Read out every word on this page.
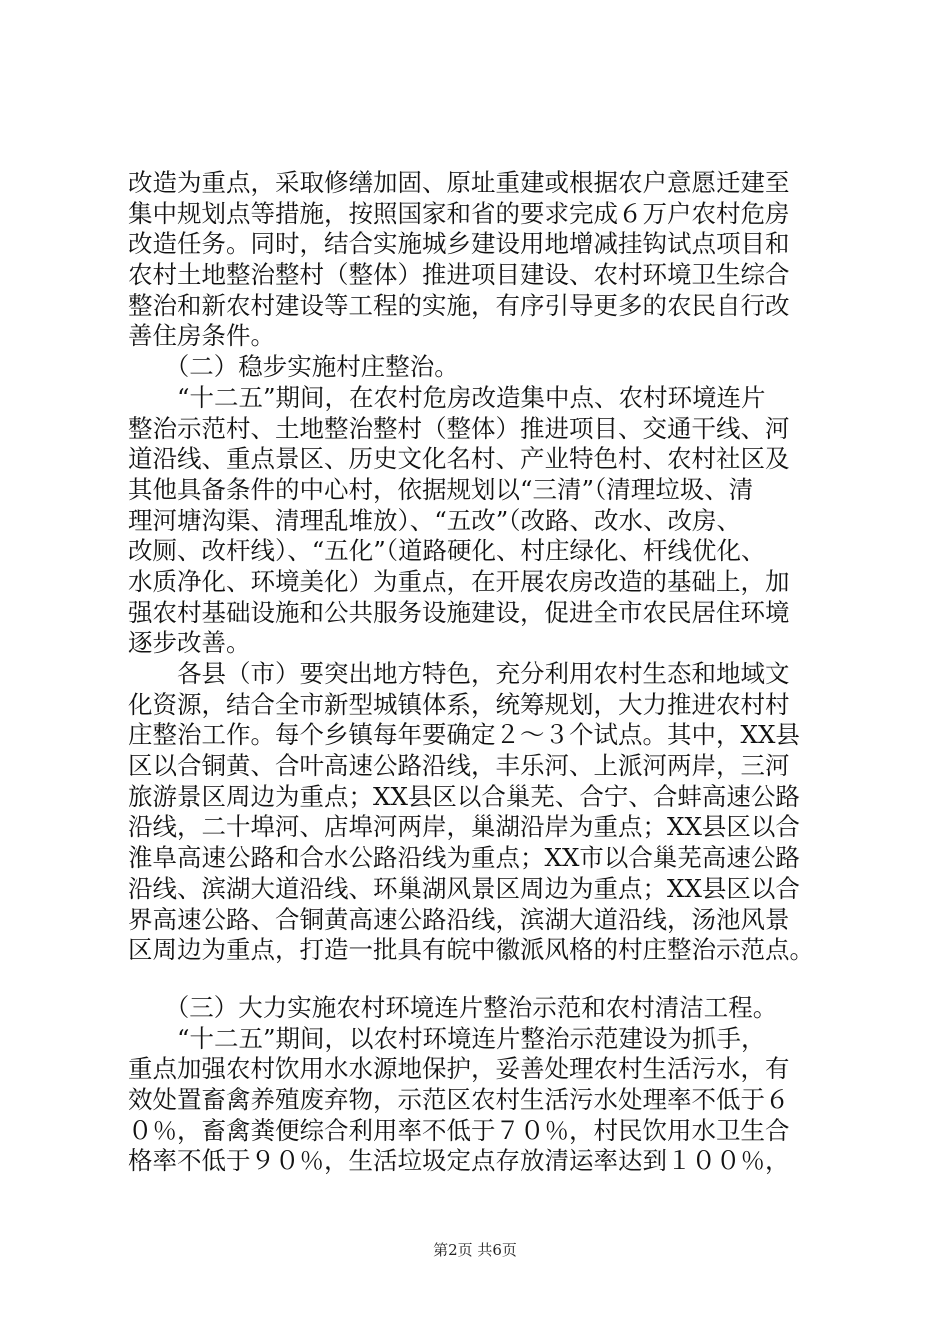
改造为重点，采取修缮加固、原址重建或根据农户意愿迁建至
集中规划点等措施，按照国家和省的要求完成６万户农村危房
改造任务。同时，结合实施城乡建设用地增减挂钩试点项目和
农村土地整治整村（整体）推进项目建设、农村环境卫生综合
整治和新农村建设等工程的实施，有序引导更多的农民自行改
善住房条件。
　　（二）稳步实施村庄整治。
　　“十二五”期间，在农村危房改造集中点、农村环境连片
整治示范村、土地整治整村（整体）推进项目、交通干线、河
道沿线、重点景区、历史文化名村、产业特色村、农村社区及
其他具备条件的中心村，依据规划以“三清”（清理垃圾、清
理河塘沟渠、清理乱堆放）、“五改”（改路、改水、改房、
改厕、改杆线）、“五化”（道路硬化、村庄绿化、杆线优化、
水质净化、环境美化）为重点，在开展农房改造的基础上，加
强农村基础设施和公共服务设施建设，促进全市农民居住环境
逐步改善。
　　各县（市）要突出地方特色，充分利用农村生态和地域文
化资源，结合全市新型城镇体系，统筹规划，大力推进农村村
庄整治工作。每个乡镇每年要确定２～３个试点。其中，XX县
区以合铜黄、合叶高速公路沿线，丰乐河、上派河两岸，三河
旅游景区周边为重点；XX县区以合巢芜、合宁、合蚌高速公路
沿线，二十埠河、店埠河两岸，巢湖沿岸为重点；XX县区以合
淮阜高速公路和合水公路沿线为重点；XX市以合巢芜高速公路
沿线、滨湖大道沿线、环巢湖风景区周边为重点；XX县区以合
界高速公路、合铜黄高速公路沿线，滨湖大道沿线，汤池风景
区周边为重点，打造一批具有皖中徽派风格的村庄整治示范点。
　　（三）大力实施农村环境连片整治示范和农村清洁工程。
　　“十二五”期间，以农村环境连片整治示范建设为抓手，
重点加强农村饮用水水源地保护，妥善处理农村生活污水，有
效处置畜禽养殖废弃物，示范区农村生活污水处理率不低于６
０％，畜禽粪便综合利用率不低于７０％，村民饮用水卫生合
格率不低于９０％，生活垃圾定点存放清运率达到１００％，
第2页 共6页
